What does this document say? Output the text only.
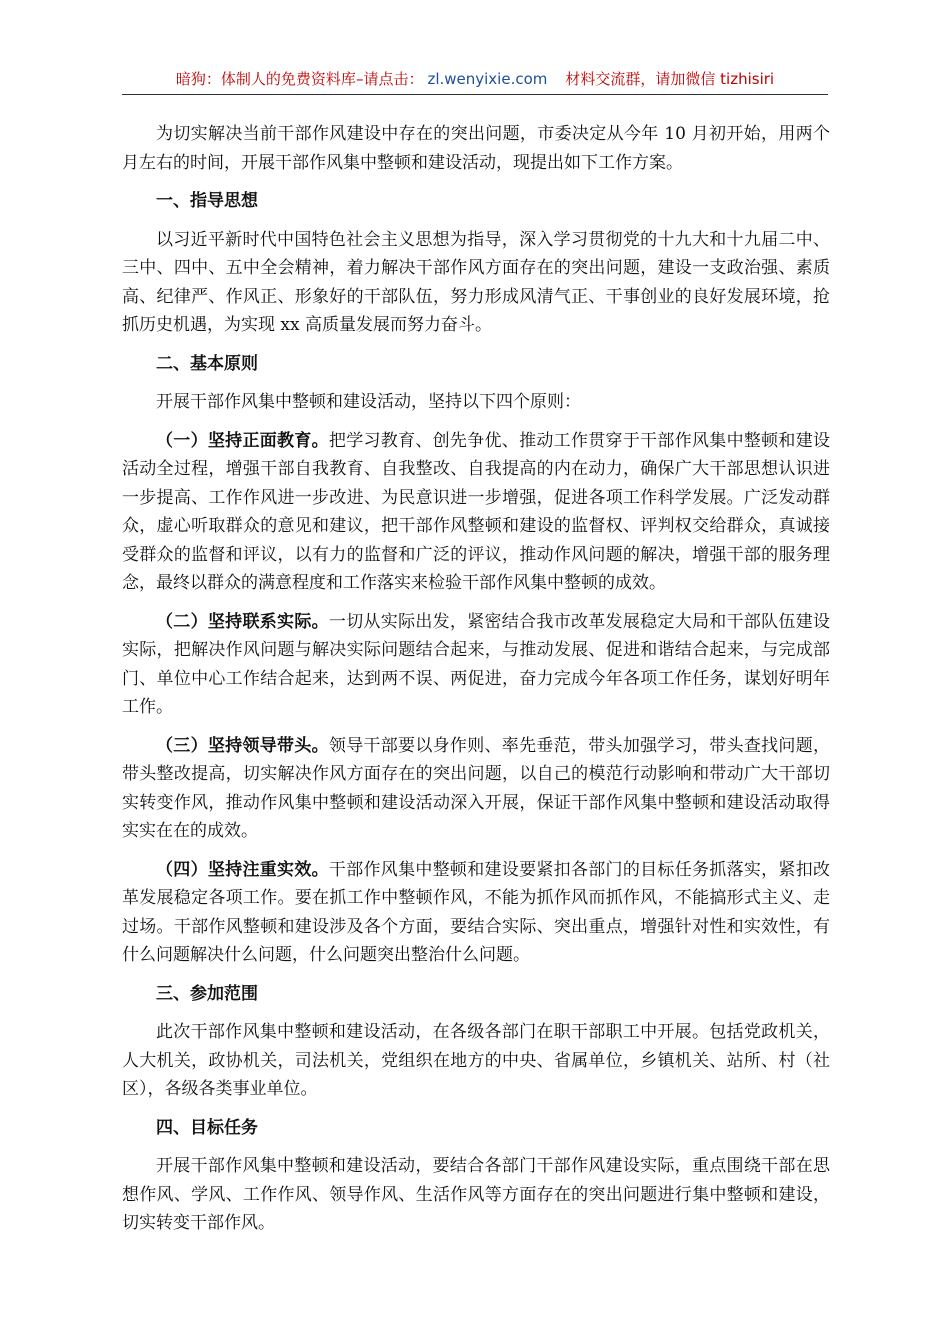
暗狗：体制人的免费资料库–请点击： zl.wenyixie.com 材料交流群，请加微信 tizhisiri

为切实解决当前干部作风建设中存在的突出问题，市委决定从今年 10 月初开始，用两个月左右的时间，开展干部作风集中整顿和建设活动，现提出如下工作方案。

一、指导思想

以习近平新时代中国特色社会主义思想为指导，深入学习贯彻党的十九大和十九届二中、三中、四中、五中全会精神，着力解决干部作风方面存在的突出问题，建设一支政治强、素质高、纪律严、作风正、形象好的干部队伍，努力形成风清气正、干事创业的良好发展环境，抢抓历史机遇，为实现 xx 高质量发展而努力奋斗。

二、基本原则

开展干部作风集中整顿和建设活动，坚持以下四个原则：

（一）坚持正面教育。把学习教育、创先争优、推动工作贯穿于干部作风集中整顿和建设活动全过程，增强干部自我教育、自我整改、自我提高的内在动力，确保广大干部思想认识进一步提高、工作作风进一步改进、为民意识进一步增强，促进各项工作科学发展。广泛发动群众，虚心听取群众的意见和建议，把干部作风整顿和建设的监督权、评判权交给群众，真诚接受群众的监督和评议，以有力的监督和广泛的评议，推动作风问题的解决，增强干部的服务理念，最终以群众的满意程度和工作落实来检验干部作风集中整顿的成效。

（二）坚持联系实际。一切从实际出发，紧密结合我市改革发展稳定大局和干部队伍建设实际，把解决作风问题与解决实际问题结合起来，与推动发展、促进和谐结合起来，与完成部门、单位中心工作结合起来，达到两不误、两促进，奋力完成今年各项工作任务，谋划好明年工作。

（三）坚持领导带头。领导干部要以身作则、率先垂范，带头加强学习，带头查找问题，带头整改提高，切实解决作风方面存在的突出问题，以自己的模范行动影响和带动广大干部切实转变作风，推动作风集中整顿和建设活动深入开展，保证干部作风集中整顿和建设活动取得实实在在的成效。

（四）坚持注重实效。干部作风集中整顿和建设要紧扣各部门的目标任务抓落实，紧扣改革发展稳定各项工作。要在抓工作中整顿作风，不能为抓作风而抓作风，不能搞形式主义、走过场。干部作风整顿和建设涉及各个方面，要结合实际、突出重点，增强针对性和实效性，有什么问题解决什么问题，什么问题突出整治什么问题。

三、参加范围

此次干部作风集中整顿和建设活动，在各级各部门在职干部职工中开展。包括党政机关，人大机关，政协机关，司法机关，党组织在地方的中央、省属单位，乡镇机关、站所、村（社区），各级各类事业单位。

四、目标任务

开展干部作风集中整顿和建设活动，要结合各部门干部作风建设实际，重点围绕干部在思想作风、学风、工作作风、领导作风、生活作风等方面存在的突出问题进行集中整顿和建设，切实转变干部作风。
